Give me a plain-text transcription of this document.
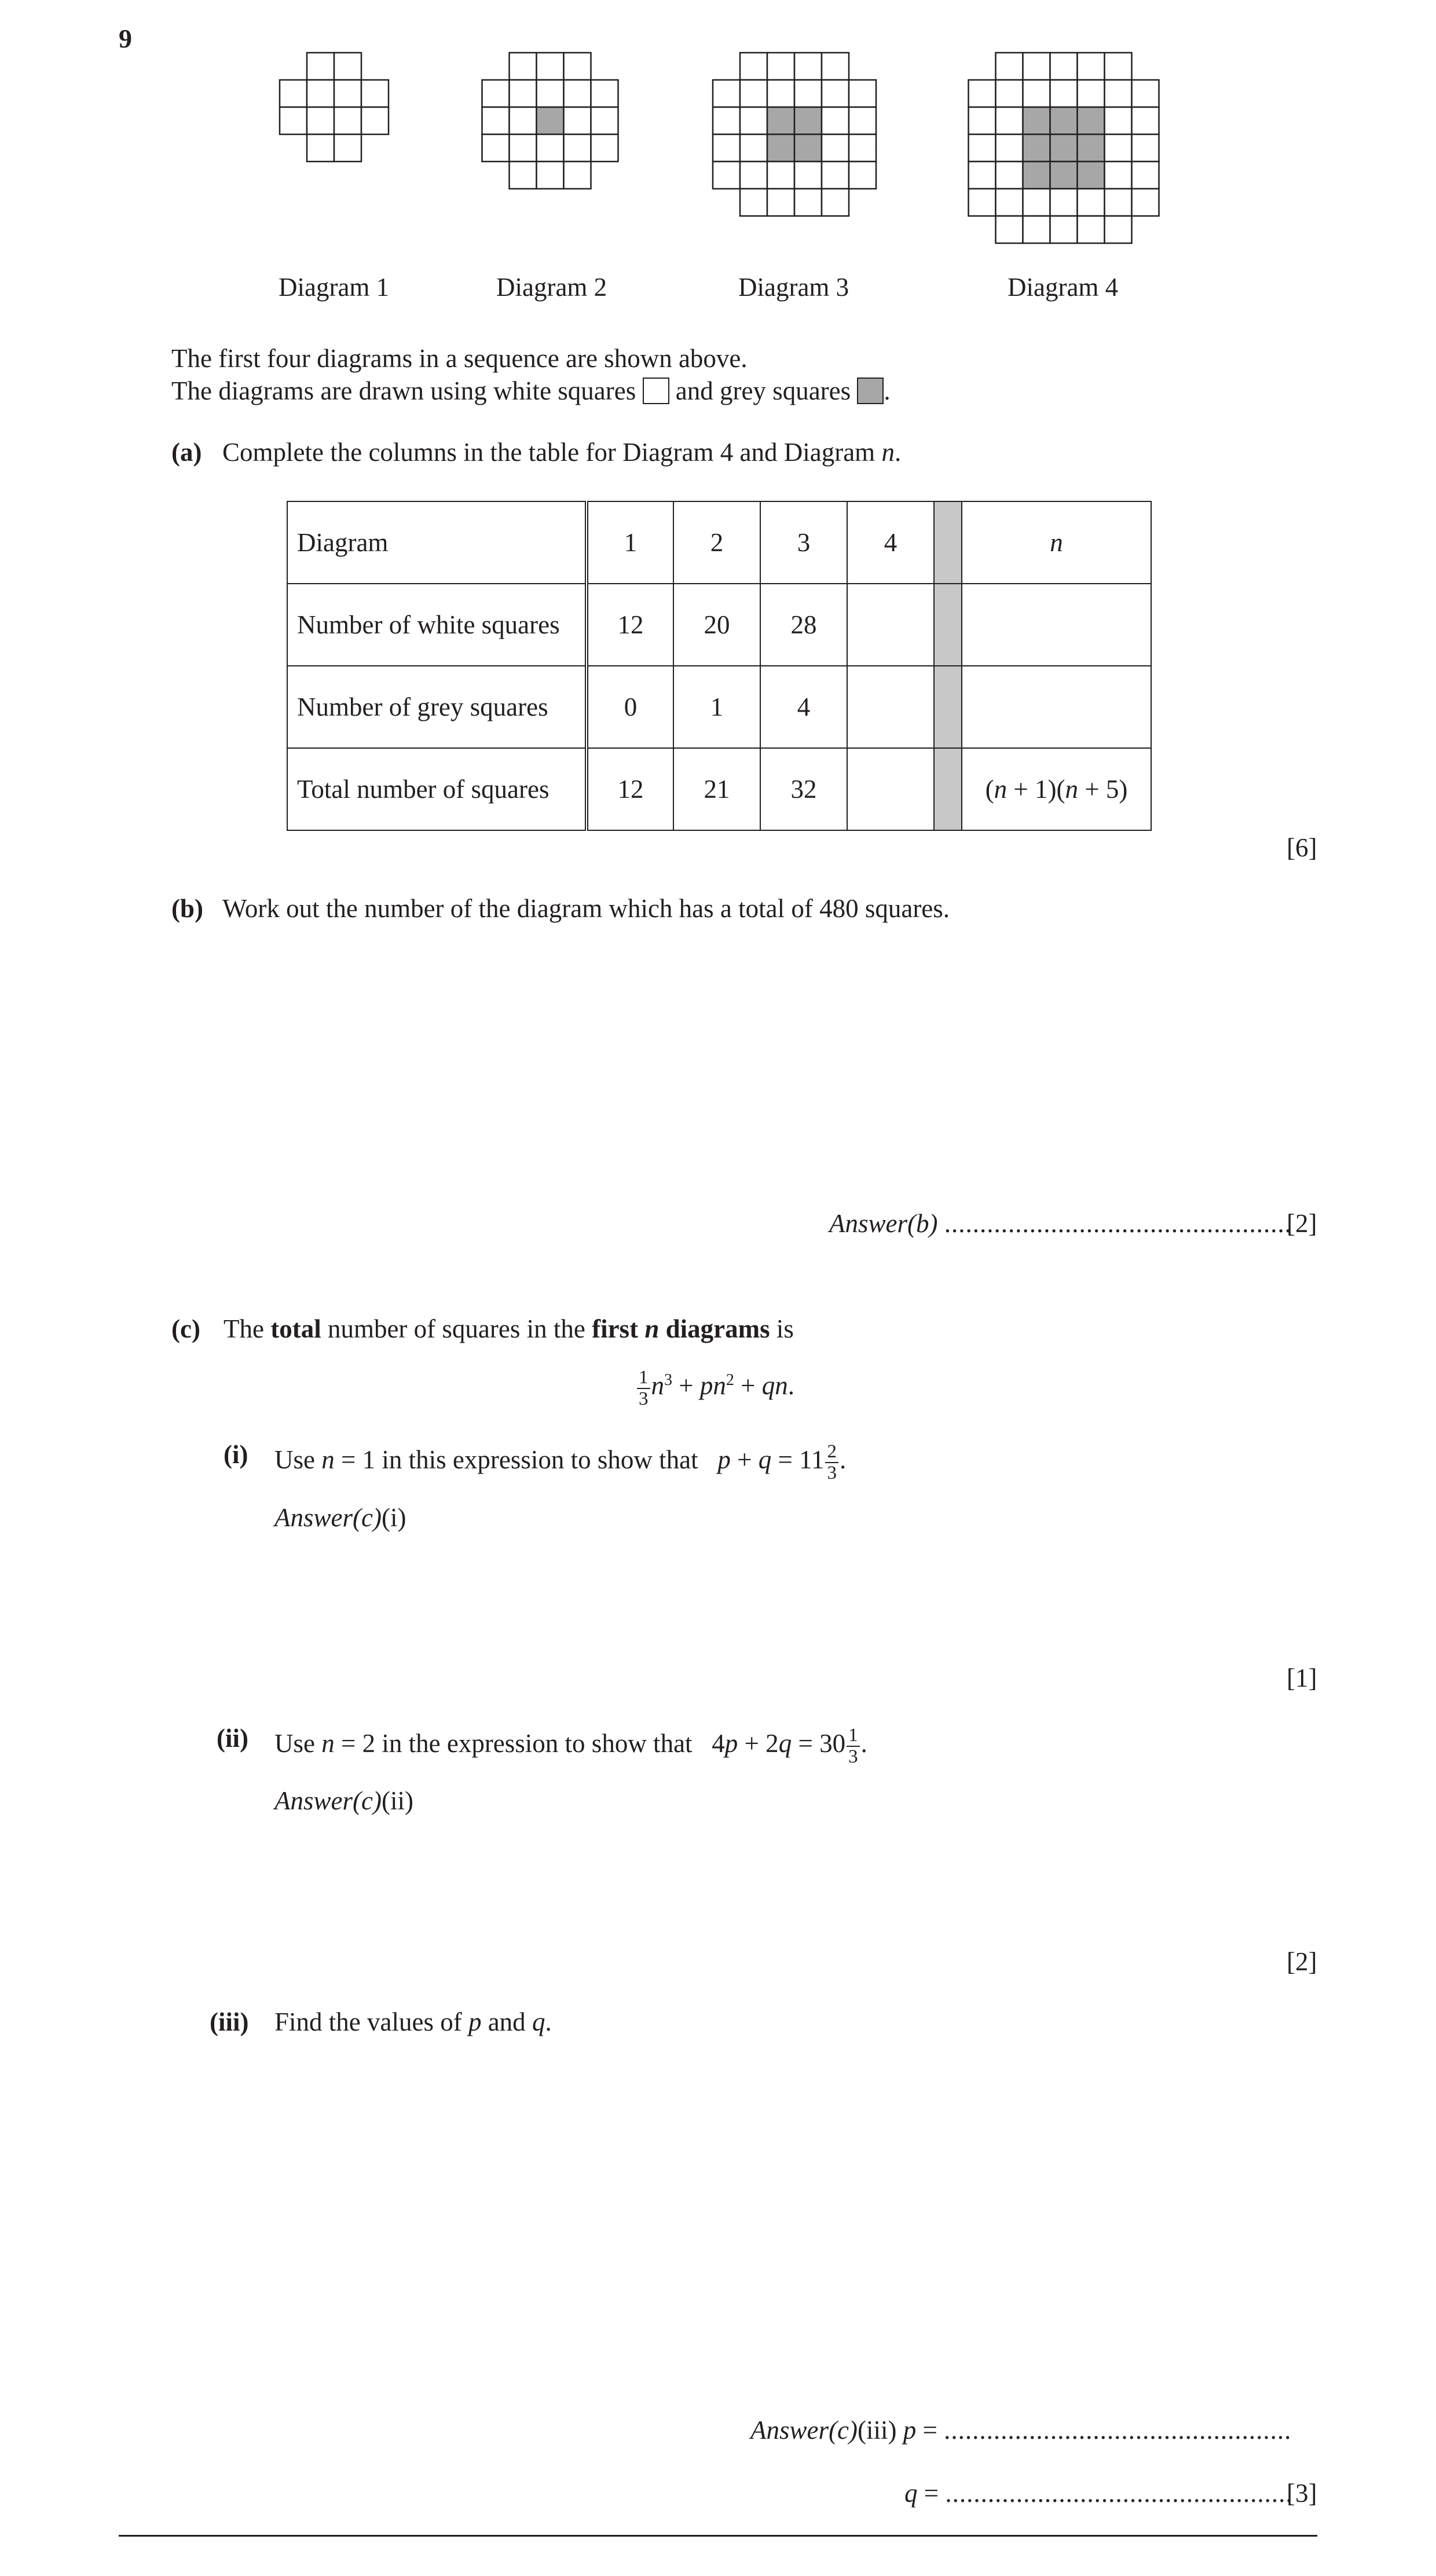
9
Diagram 1	Diagram 2	Diagram 3	Diagram 4
The first four diagrams in a sequence are shown above.
The diagrams are drawn using white squares and grey squares .
(a) Complete the columns in the table for Diagram 4 and Diagram n.
Diagram	1	2	3	4		n
Number of white squares	12	20	28			
Number of grey squares	0	1	4			
Total number of squares	12	21	32			(n + 1)(n + 5)
[6]
(b) Work out the number of the diagram which has a total of 480 squares.
Answer(b) .................................................
[2]
(c) The total number of squares in the first n diagrams is
$\frac{1}{3} n^3 + pn^2$ + qn.
(i) Use n = 1 in this expression to show that   $p + q = 11 \frac{2}{3}$ .
Answer(c)(i)
[1]
(ii) Use n = 2 in the expression to show that   $4p + 2q = 30 \frac{1}{3}$ .
Answer(c)(ii)
[2]
(iii) Find the values of p and q.
Answer(c)(iii) p = .................................................
q = .................................................
[3]
